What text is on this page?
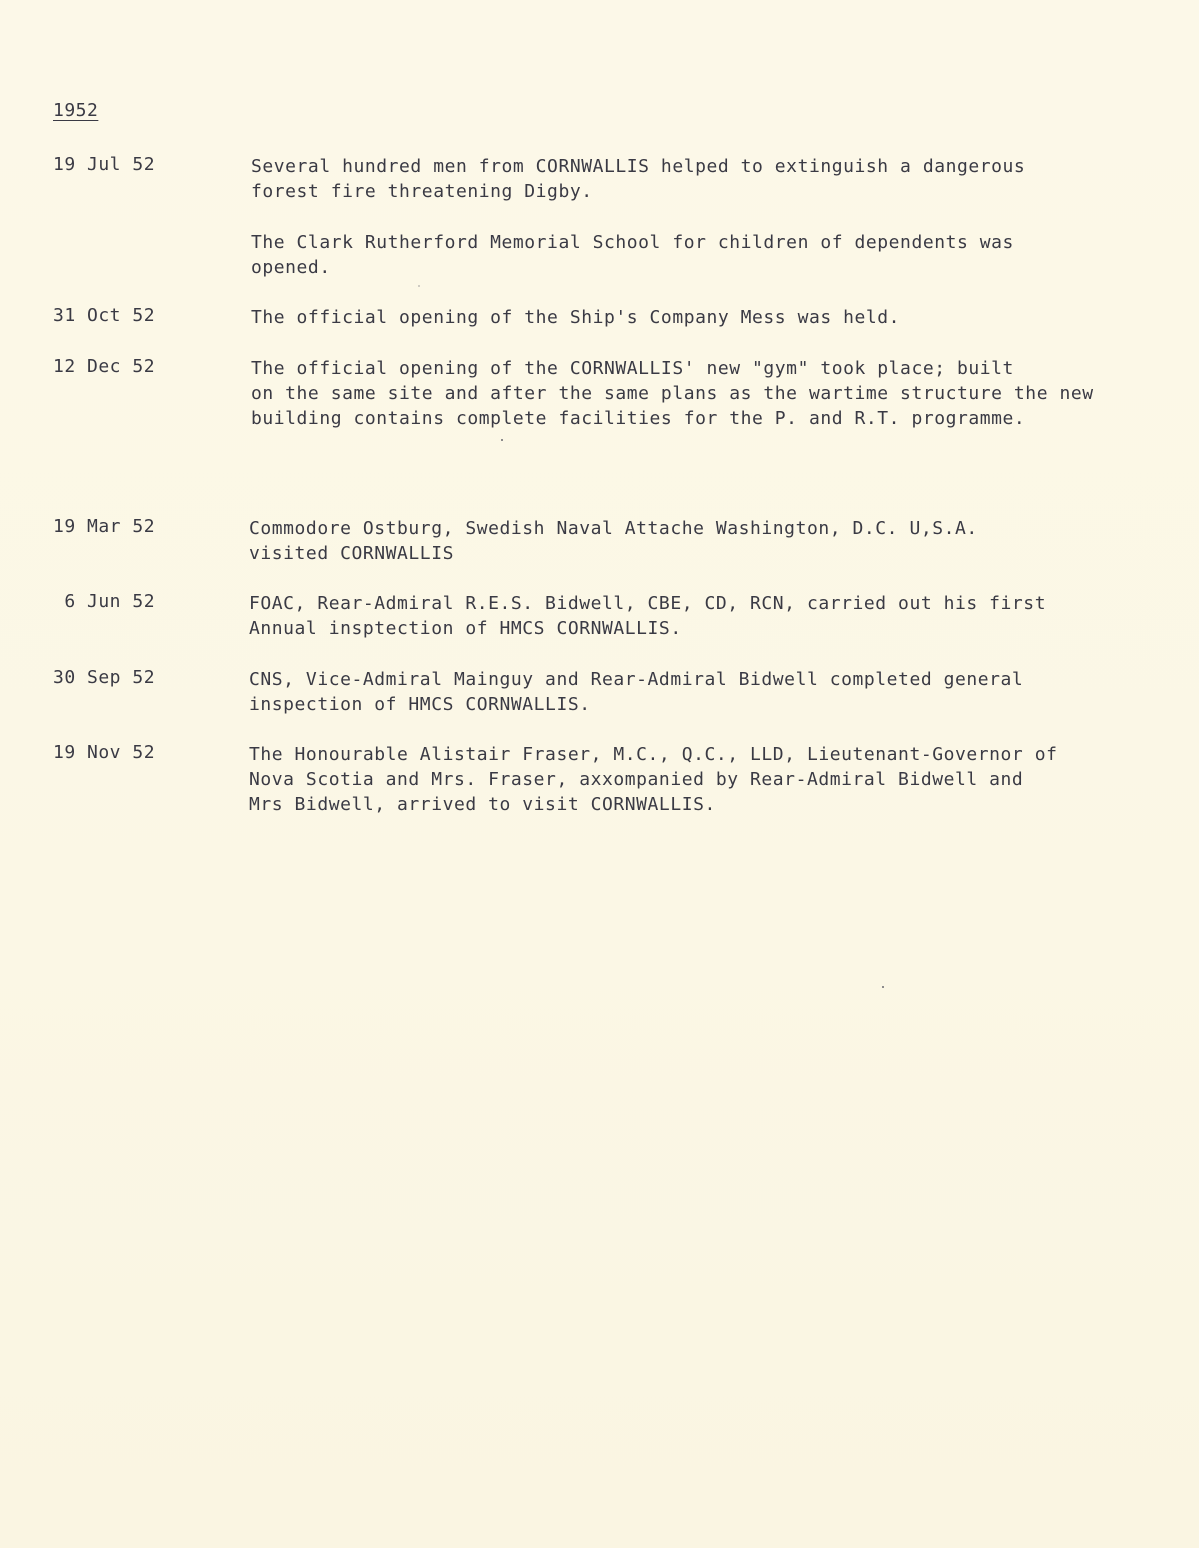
1952
19 Jul 52	Several hundred men from CORNWALLIS helped to extinguish a dangerous
forest fire threatening Digby.
The Clark Rutherford Memorial School for children of dependents was
opened.
31 Oct 52	The official opening of the Ship's Company Mess was held.
12 Dec 52	The official opening of the CORNWALLIS' new "gym" took place; built
on the same site and after the same plans as the wartime structure the new
building contains complete facilities for the P. and R.T. programme.
19 Mar 52	Commodore Ostburg, Swedish Naval Attache Washington, D.C. U,S.A.
visited CORNWALLIS
6 Jun 52	FOAC, Rear-Admiral R.E.S. Bidwell, CBE, CD, RCN, carried out his first
Annual insptection of HMCS CORNWALLIS.
30 Sep 52	CNS, Vice-Admiral Mainguy and Rear-Admiral Bidwell completed general
inspection of HMCS CORNWALLIS.
19 Nov 52	The Honourable Alistair Fraser, M.C., Q.C., LLD, Lieutenant-Governor of
Nova Scotia and Mrs. Fraser, axxompanied by Rear-Admiral Bidwell and
Mrs Bidwell, arrived to visit CORNWALLIS.
